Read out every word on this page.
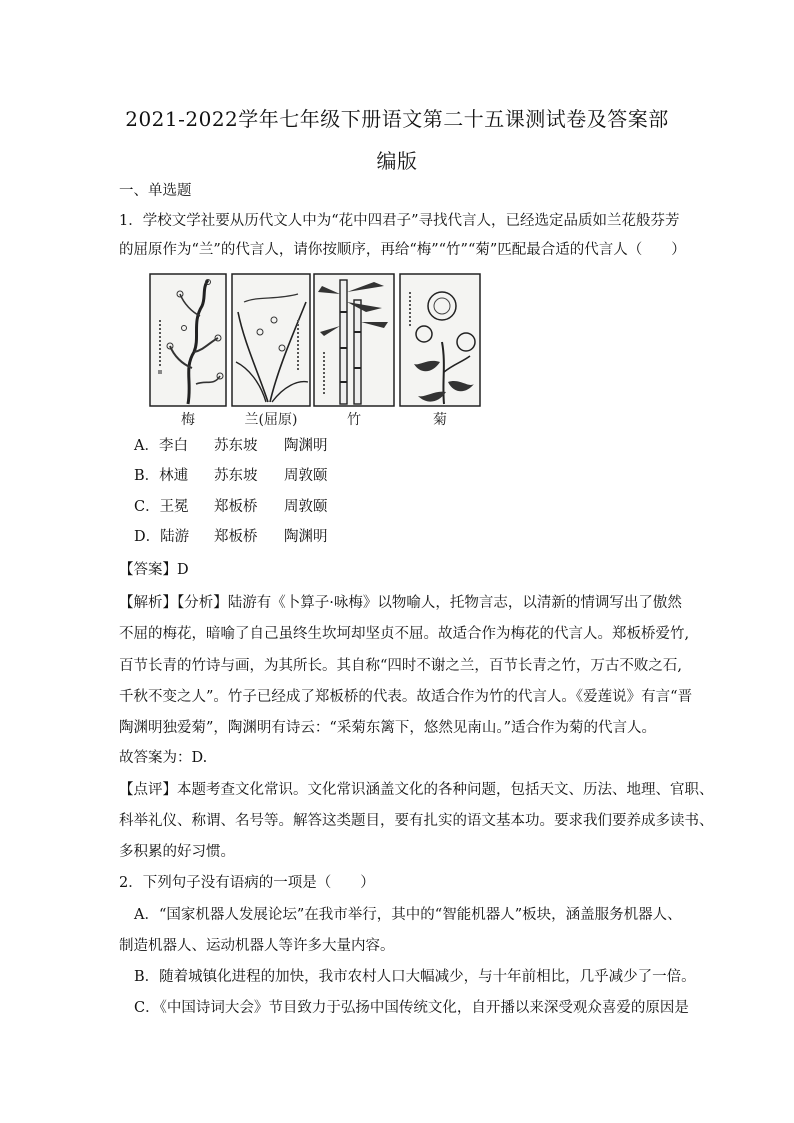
2021-2022学年七年级下册语文第二十五课测试卷及答案部
编版
一、单选题
1．学校文学社要从历代文人中为“花中四君子”寻找代言人，已经选定品质如兰花般芬芳
的屈原作为“兰”的代言人，请你按顺序，再给“梅”“竹”“菊”匹配最合适的代言人（　　）
梅	兰(屈原)	竹	菊
A．李白 苏东坡 陶渊明
B．林逋 苏东坡 周敦颐
C．王冕 郑板桥 周敦颐
D．陆游 郑板桥 陶渊明
【答案】D
【解析】【分析】陆游有《卜算子·咏梅》以物喻人，托物言志，以清新的情调写出了傲然
不屈的梅花，暗喻了自己虽终生坎坷却坚贞不屈。故适合作为梅花的代言人。郑板桥爱竹,
百节长青的竹诗与画，为其所长。其自称“四时不谢之兰，百节长青之竹，万古不败之石,
千秋不变之人”。竹子已经成了郑板桥的代表。故适合作为竹的代言人。《爱莲说》有言“晋
陶渊明独爱菊”，陶渊明有诗云：“采菊东篱下，悠然见南山。”适合作为菊的代言人。
故答案为：D.
【点评】本题考查文化常识。文化常识涵盖文化的各种问题，包括天文、历法、地理、官职、
科举礼仪、称谓、名号等。解答这类题目，要有扎实的语文基本功。要求我们要养成多读书、
多积累的好习惯。
2．下列句子没有语病的一项是（　　）
A．“国家机器人发展论坛”在我市举行，其中的“智能机器人”板块，涵盖服务机器人、
制造机器人、运动机器人等许多大量内容。
B．随着城镇化进程的加快，我市农村人口大幅减少，与十年前相比，几乎减少了一倍。
C．《中国诗词大会》节目致力于弘扬中国传统文化，自开播以来深受观众喜爱的原因是
